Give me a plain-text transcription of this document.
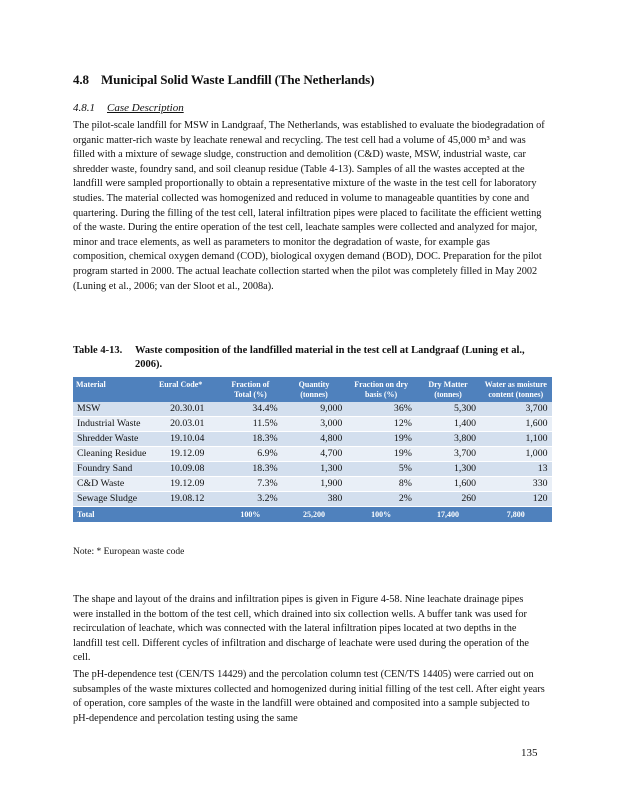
4.8 Municipal Solid Waste Landfill (The Netherlands)
4.8.1 Case Description
The pilot‐scale landfill for MSW in Landgraaf, The Netherlands, was established to evaluate the biodegradation of organic matter‐rich waste by leachate renewal and recycling. The test cell had a volume of 45,000 m³ and was filled with a mixture of sewage sludge, construction and demolition (C&D) waste, MSW, industrial waste, car shredder waste, foundry sand, and soil cleanup residue (Table 4‐13). Samples of all the wastes accepted at the landfill were sampled proportionally to obtain a representative mixture of the waste in the test cell for laboratory studies. The material collected was homogenized and reduced in volume to manageable quantities by cone and quartering. During the filling of the test cell, lateral infiltration pipes were placed to facilitate the efficient wetting of the waste. During the entire operation of the test cell, leachate samples were collected and analyzed for major, minor and trace elements, as well as parameters to monitor the degradation of waste, for example gas composition, chemical oxygen demand (COD), biological oxygen demand (BOD), DOC. Preparation for the pilot program started in 2000. The actual leachate collection started when the pilot was completely filled in May 2002 (Luning et al., 2006; van der Sloot et al., 2008a).
Table 4‐13. Waste composition of the landfilled material in the test cell at Landgraaf (Luning et al.,
2006).
Material	Eural Code*	Fraction of Total (%)	Quantity (tonnes)	Fraction on dry basis (%)	Dry Matter (tonnes)	Water as moisture content (tonnes)
MSW	20.30.01	34.4%	9,000	36%	5,300	3,700
Industrial Waste	20.03.01	11.5%	3,000	12%	1,400	1,600
Shredder Waste	19.10.04	18.3%	4,800	19%	3,800	1,100
Cleaning Residue	19.12.09	6.9%	4,700	19%	3,700	1,000
Foundry Sand	10.09.08	18.3%	1,300	5%	1,300	13
C&D Waste	19.12.09	7.3%	1,900	8%	1,600	330
Sewage Sludge	19.08.12	3.2%	380	2%	260	120
Total		100%	25,200	100%	17,400	7,800
Note: * European waste code
The shape and layout of the drains and infiltration pipes is given in Figure 4‐58. Nine leachate drainage pipes were installed in the bottom of the test cell, which drained into six collection wells. A buffer tank was used for recirculation of leachate, which was connected with the lateral infiltration pipes located at two depths in the landfill test cell. Different cycles of infiltration and discharge of leachate were used during the operation of the cell.
The pH‐dependence test (CEN/TS 14429) and the percolation column test (CEN/TS 14405) were carried out on subsamples of the waste mixtures collected and homogenized during initial filling of the test cell. After eight years of operation, core samples of the waste in the landfill were obtained and composited into a sample subjected to pH‐dependence and percolation testing using the same
135
